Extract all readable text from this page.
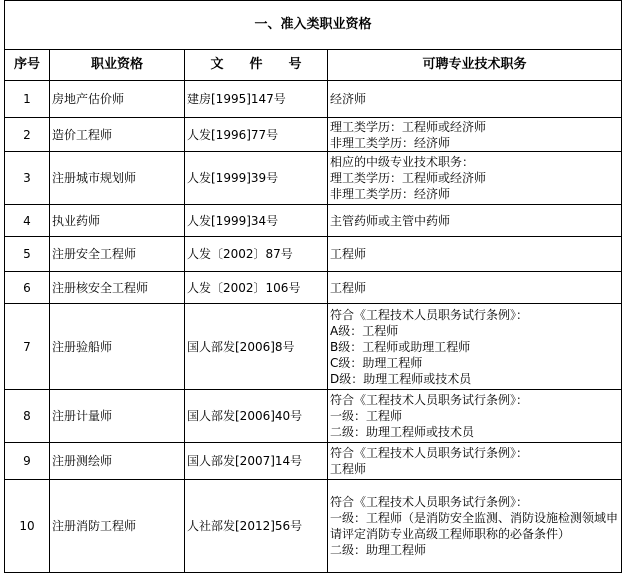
一、准入类职业资格			
序号	职业资格	文　　件　　号	可聘专业技术职务
1	房地产估价师	建房[1995]147号	经济师

2	造价工程师	人发[1996]77号	理工类学历：工程师或经济师
非理工类学历：经济师

3	注册城市规划师	人发[1999]39号	相应的中级专业技术职务：
理工类学历：工程师或经济师
非理工类学历：经济师

4	执业药师	人发[1999]34号	主管药师或主管中药师

5	注册安全工程师	人发〔2002〕87号	工程师

6	注册核安全工程师	人发〔2002〕106号	工程师

7	注册验船师	国人部发[2006]8号	符合《工程技术人员职务试行条例》：
A级：工程师
B级：工程师或助理工程师
C级：助理工程师
D级：助理工程师或技术员

8	注册计量师	国人部发[2006]40号	符合《工程技术人员职务试行条例》：
一级：工程师
二级：助理工程师或技术员

9	注册测绘师	国人部发[2007]14号	符合《工程技术人员职务试行条例》：
工程师

10	注册消防工程师	人社部发[2012]56号	符合《工程技术人员职务试行条例》：
一级：工程师（是消防安全监测、消防设施检测领域申请评定消防专业高级工程师职称的必备条件）
二级：助理工程师
